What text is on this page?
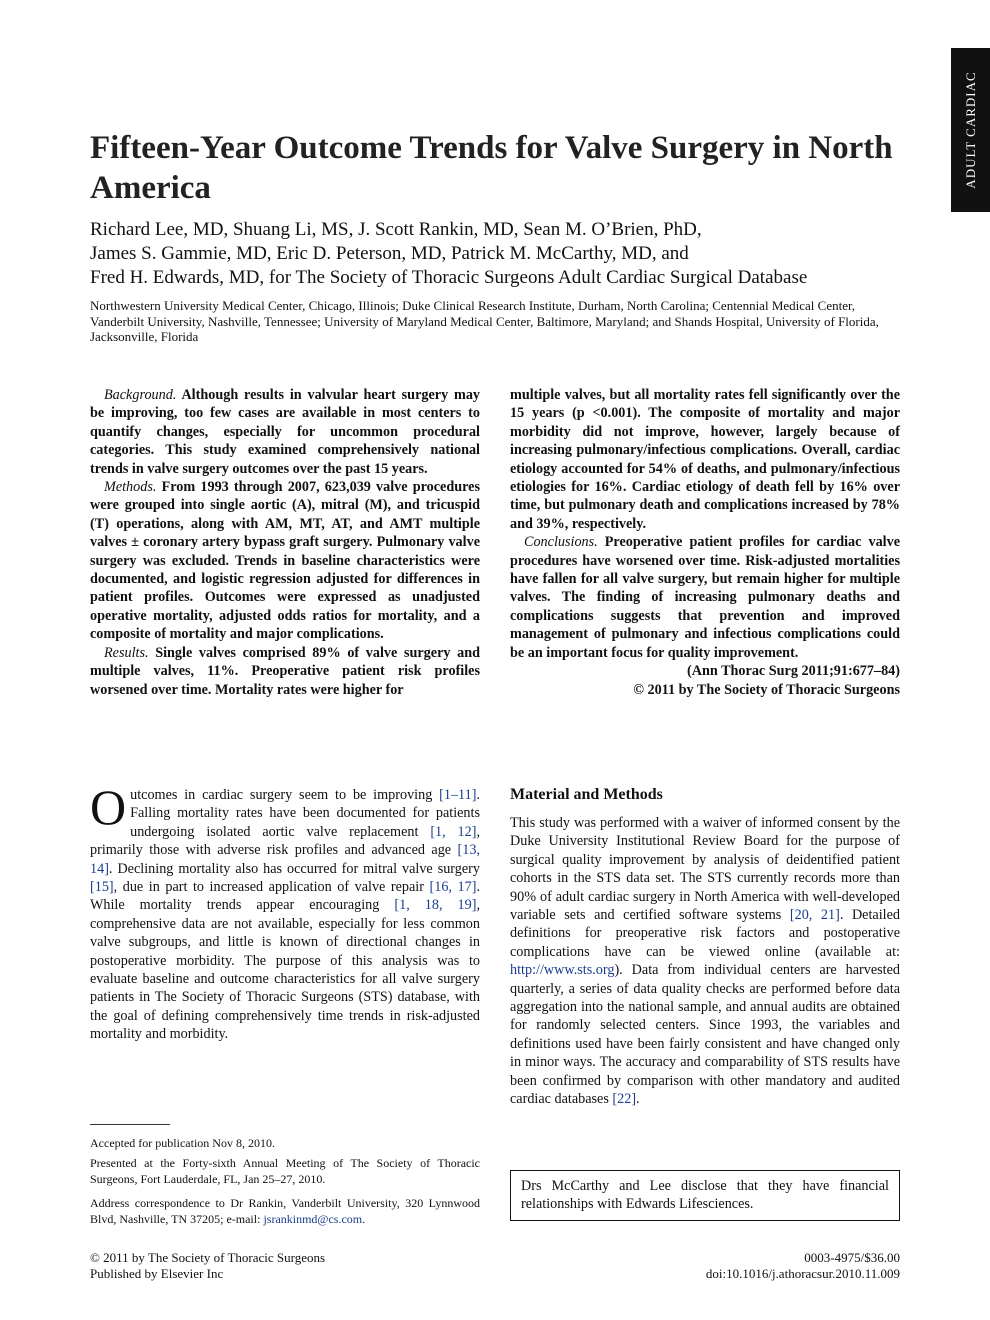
ADULT CARDIAC
Fifteen-Year Outcome Trends for Valve Surgery in North America
Richard Lee, MD, Shuang Li, MS, J. Scott Rankin, MD, Sean M. O’Brien, PhD,
James S. Gammie, MD, Eric D. Peterson, MD, Patrick M. McCarthy, MD, and
Fred H. Edwards, MD, for The Society of Thoracic Surgeons Adult Cardiac Surgical Database
Northwestern University Medical Center, Chicago, Illinois; Duke Clinical Research Institute, Durham, North Carolina; Centennial Medical Center, Vanderbilt University, Nashville, Tennessee; University of Maryland Medical Center, Baltimore, Maryland; and Shands Hospital, University of Florida, Jacksonville, Florida

Background. Although results in valvular heart surgery may be improving, too few cases are available in most centers to quantify changes, especially for uncommon procedural categories. This study examined comprehensively national trends in valve surgery outcomes over the past 15 years.

Methods. From 1993 through 2007, 623,039 valve procedures were grouped into single aortic (A), mitral (M), and tricuspid (T) operations, along with AM, MT, AT, and AMT multiple valves ± coronary artery bypass graft surgery. Pulmonary valve surgery was excluded. Trends in baseline characteristics were documented, and logistic regression adjusted for differences in patient profiles. Outcomes were expressed as unadjusted operative mortality, adjusted odds ratios for mortality, and a composite of mortality and major complications.

Results. Single valves comprised 89% of valve surgery and multiple valves, 11%. Preoperative patient risk profiles worsened over time. Mortality rates were higher for

multiple valves, but all mortality rates fell significantly over the 15 years (p <0.001). The composite of mortality and major morbidity did not improve, however, largely because of increasing pulmonary/infectious complications. Overall, cardiac etiology accounted for 54% of deaths, and pulmonary/infectious etiologies for 16%. Cardiac etiology of death fell by 16% over time, but pulmonary death and complications increased by 78% and 39%, respectively.

Conclusions. Preoperative patient profiles for cardiac valve procedures have worsened over time. Risk-adjusted mortalities have fallen for all valve surgery, but remain higher for multiple valves. The finding of increasing pulmonary deaths and complications suggests that prevention and improved management of pulmonary and infectious complications could be an important focus for quality improvement.

(Ann Thorac Surg 2011;91:677–84)

© 2011 by The Society of Thoracic Surgeons

O utcomes in cardiac surgery seem to be improving [1–11]. Falling mortality rates have been documented for patients undergoing isolated aortic valve replacement [1, 12], primarily those with adverse risk profiles and advanced age [13, 14]. Declining mortality also has occurred for mitral valve surgery [15], due in part to increased application of valve repair [16, 17]. While mortality trends appear encouraging [1, 18, 19], comprehensive data are not available, especially for less common valve subgroups, and little is known of directional changes in postoperative morbidity. The purpose of this analysis was to evaluate baseline and outcome characteristics for all valve surgery patients in The Society of Thoracic Surgeons (STS) database, with the goal of defining comprehensively time trends in risk-adjusted mortality and morbidity.

Material and Methods

This study was performed with a waiver of informed consent by the Duke University Institutional Review Board for the purpose of surgical quality improvement by analysis of deidentified patient cohorts in the STS data set. The STS currently records more than 90% of adult cardiac surgery in North America with well-developed variable sets and certified software systems [20, 21]. Detailed definitions for preoperative risk factors and postoperative complications have can be viewed online (available at: http://www.sts.org). Data from individual centers are harvested quarterly, a series of data quality checks are performed before data aggregation into the national sample, and annual audits are obtained for randomly selected centers. Since 1993, the variables and definitions used have been fairly consistent and have changed only in minor ways. The accuracy and comparability of STS results have been confirmed by comparison with other mandatory and audited cardiac databases [22].

Accepted for publication Nov 8, 2010.
Presented at the Forty-sixth Annual Meeting of The Society of Thoracic Surgeons, Fort Lauderdale, FL, Jan 25–27, 2010.
Address correspondence to Dr Rankin, Vanderbilt University, 320 Lynnwood Blvd, Nashville, TN 37205; e-mail: jsrankinmd@cs.com.
Drs McCarthy and Lee disclose that they have financial relationships with Edwards Lifesciences.
© 2011 by The Society of Thoracic Surgeons
Published by Elsevier Inc
0003-4975/$36.00
doi:10.1016/j.athoracsur.2010.11.009
